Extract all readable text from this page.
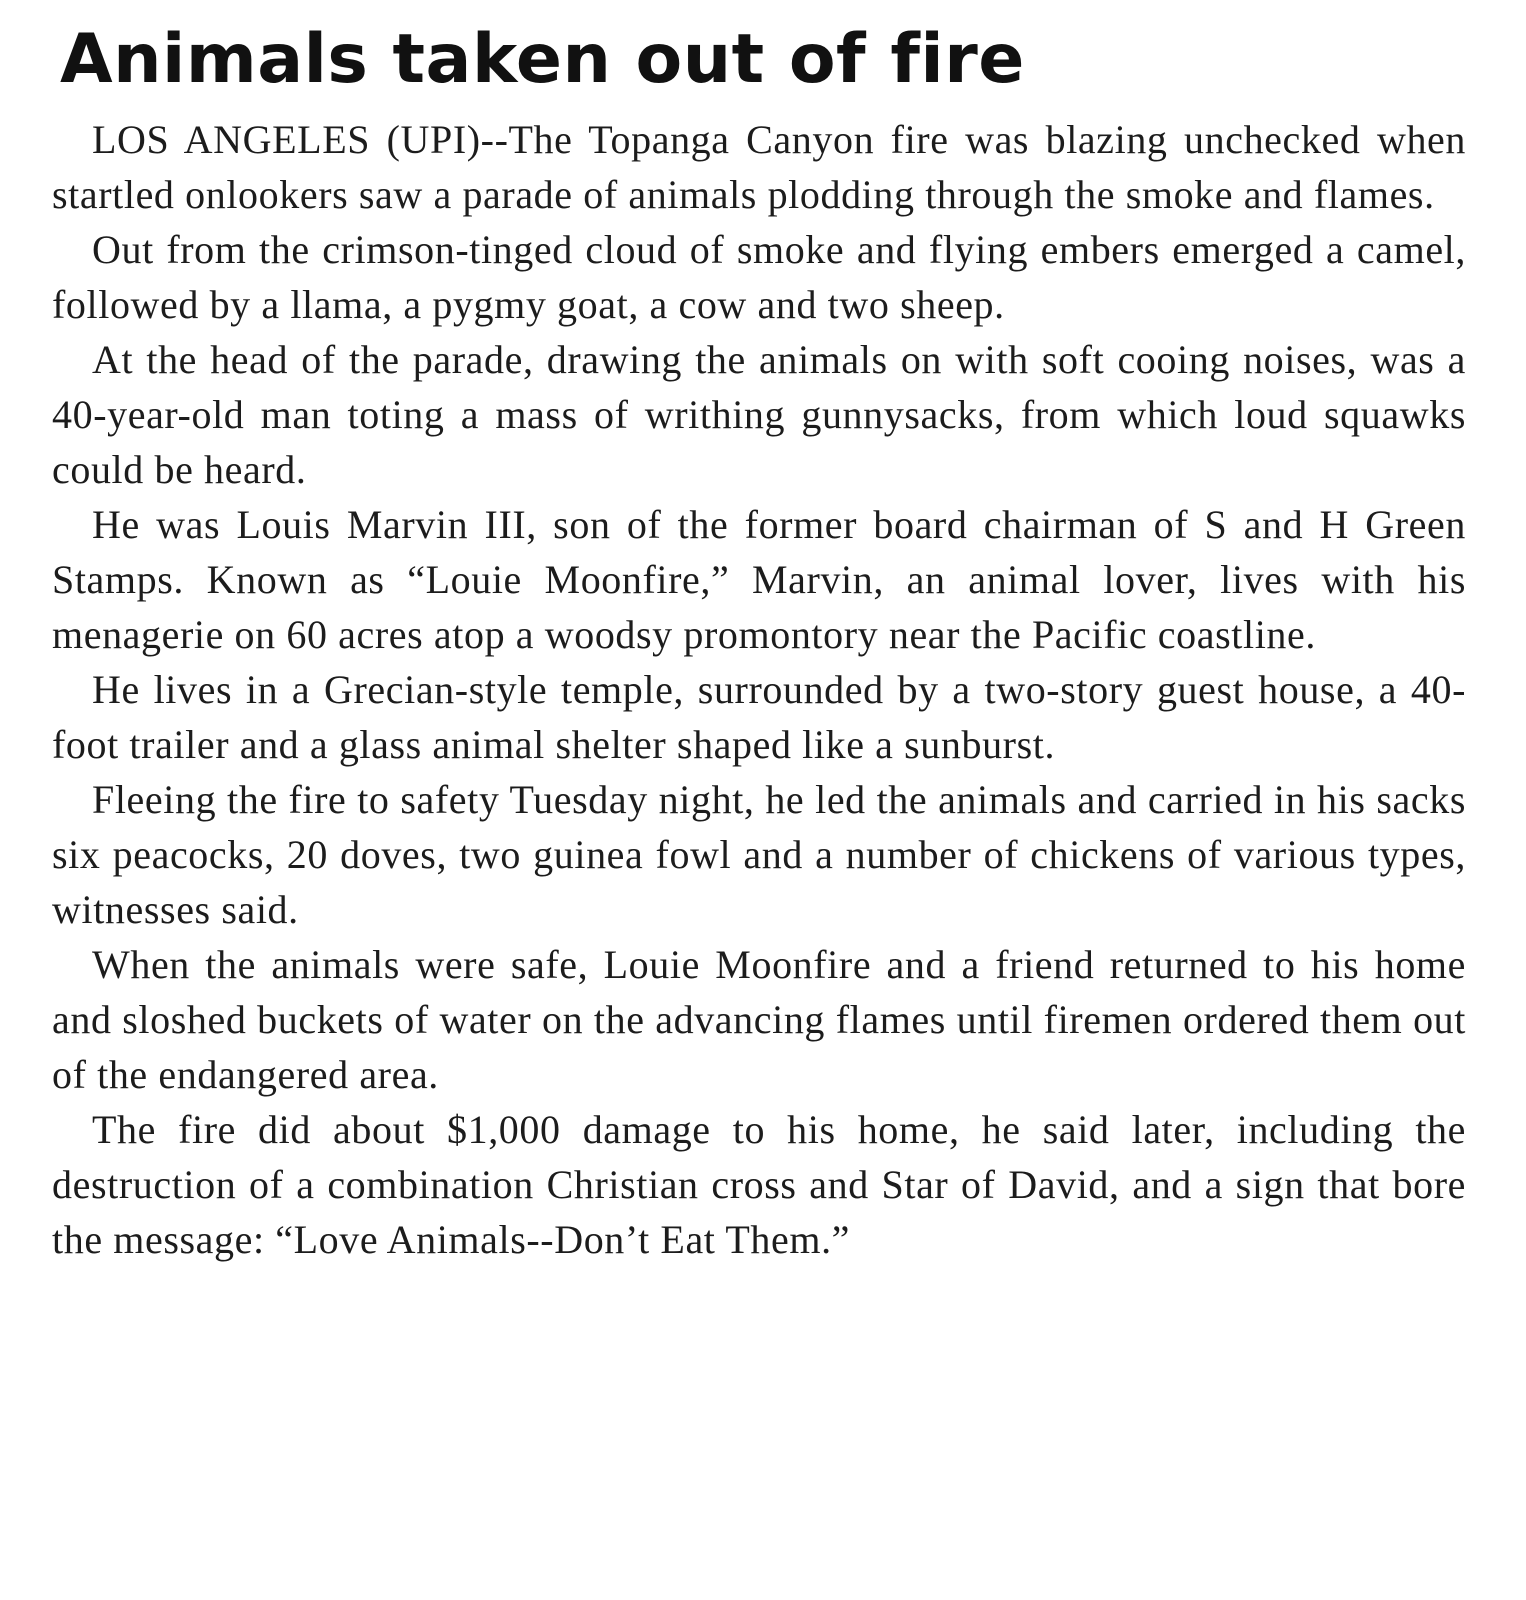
Animals taken out of fire

LOS ANGELES (UPI)--The Topanga Canyon fire was blazing unchecked when startled onlookers saw a parade of animals plodding through the smoke and flames.

Out from the crimson-tinged cloud of smoke and flying embers emerged a camel, followed by a llama, a pygmy goat, a cow and two sheep.

At the head of the parade, drawing the animals on with soft cooing noises, was a 40-year-old man toting a mass of writhing gunnysacks, from which loud squawks could be heard.

He was Louis Marvin III, son of the former board chairman of S and H Green Stamps. Known as “Louie Moonfire,” Marvin, an animal lover, lives with his menagerie on 60 acres atop a woodsy promontory near the Pacific coastline.

He lives in a Grecian-style temple, surrounded by a two-story guest house, a 40-foot trailer and a glass animal shelter shaped like a sunburst.

Fleeing the fire to safety Tuesday night, he led the animals and carried in his sacks six peacocks, 20 doves, two guinea fowl and a number of chickens of various types, witnesses said.

When the animals were safe, Louie Moonfire and a friend returned to his home and sloshed buckets of water on the advancing flames until firemen ordered them out of the endangered area.

The fire did about $1,000 damage to his home, he said later, including the destruction of a combination Christian cross and Star of David, and a sign that bore the message: “Love Animals--Don’t Eat Them.”
